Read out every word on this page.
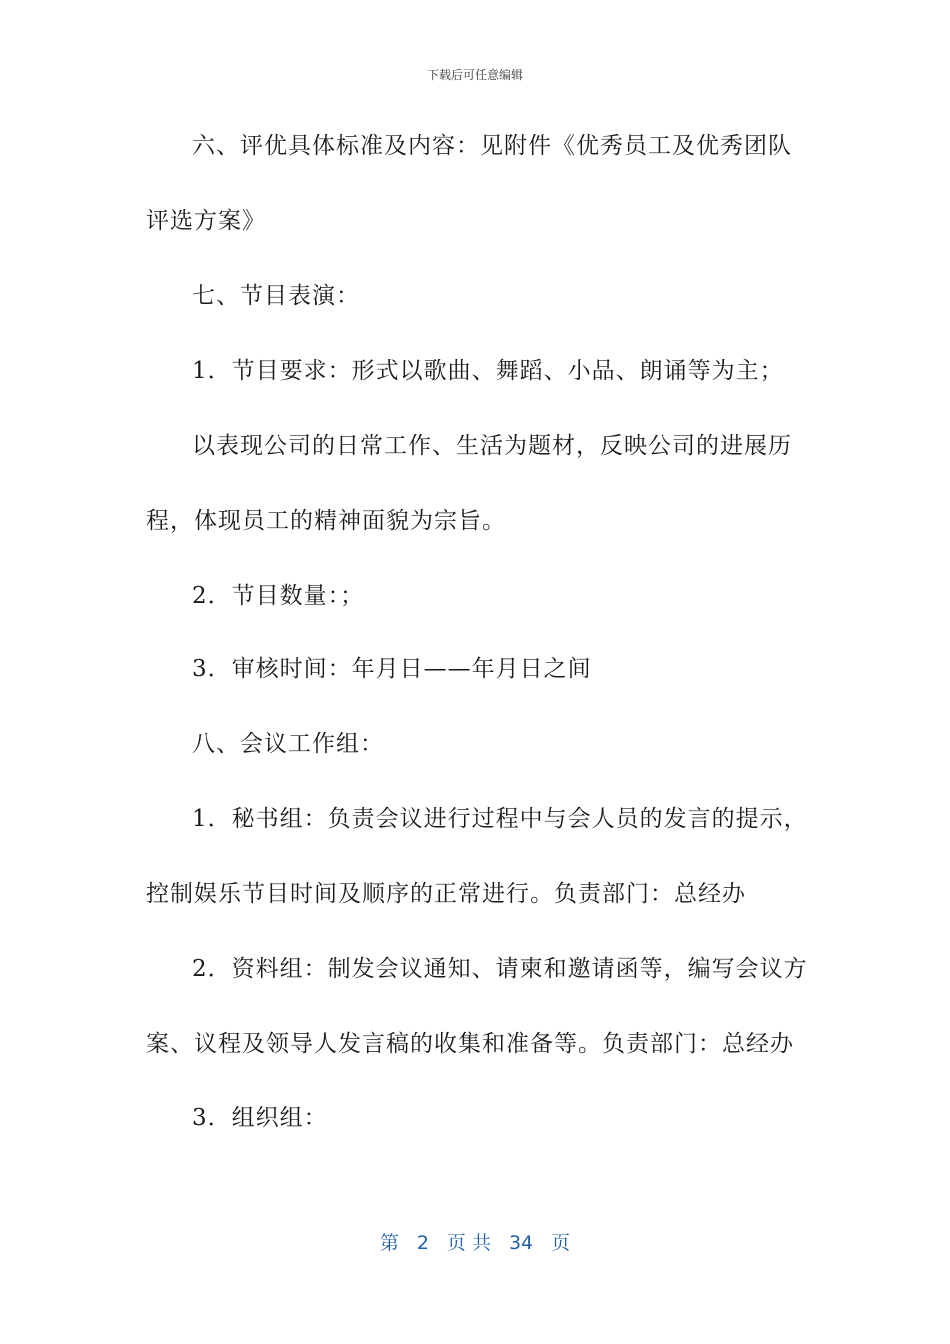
下载后可任意编辑
六、评优具体标准及内容：见附件《优秀员工及优秀团队
评选方案》
七、节目表演：
1．节目要求：形式以歌曲、舞蹈、小品、朗诵等为主；
以表现公司的日常工作、生活为题材，反映公司的进展历
程，体现员工的精神面貌为宗旨。
2．节目数量：；
3．审核时间：年月日——年月日之间
八、会议工作组：
1．秘书组：负责会议进行过程中与会人员的发言的提示，
控制娱乐节目时间及顺序的正常进行。负责部门：总经办
2．资料组：制发会议通知、请柬和邀请函等，编写会议方
案、议程及领导人发言稿的收集和准备等。负责部门：总经办
3．组织组：
第 2 页 共 34 页
